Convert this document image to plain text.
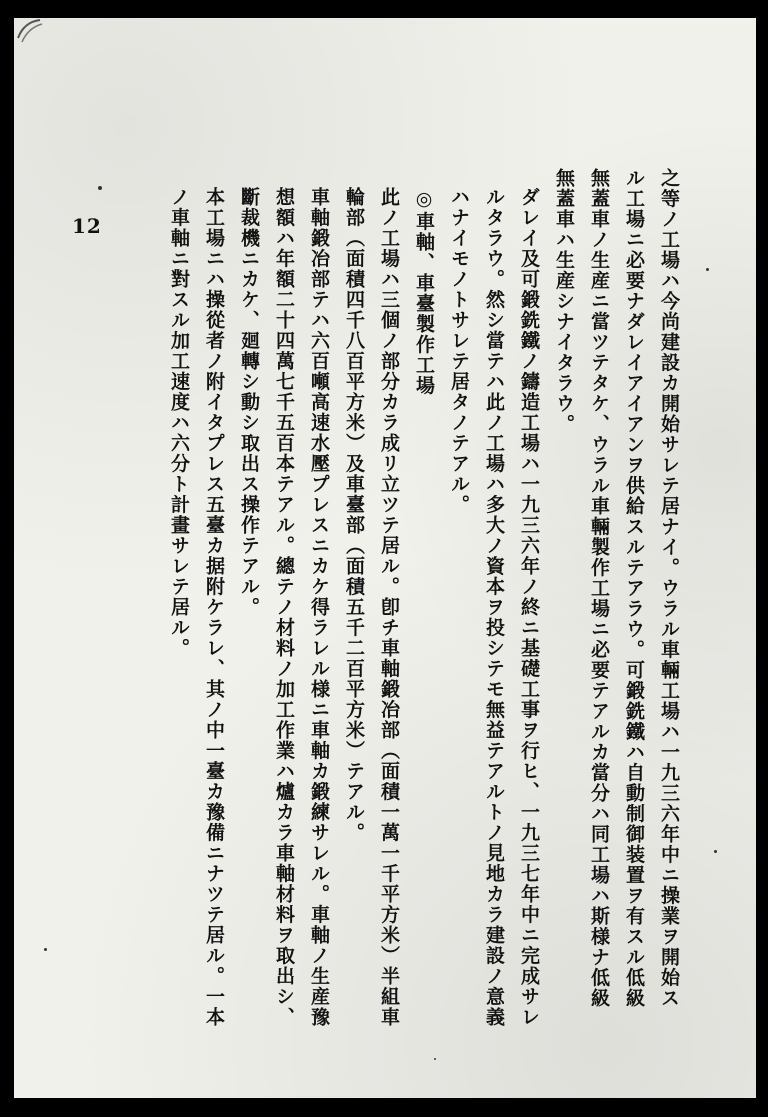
12	之等ノ工場ハ今尚建設カ開始サレテ居ナイ。ウラル車輛工場ハ一九三六年中ニ操業ヲ開始スル工場ニ必要ナダレイアイアンヲ供給スルテアラウ。可鍛銑鐵ハ自動制御装置ヲ有スル低級無蓋車ノ生産ニ當ツテタケ、ウラル車輛製作工場ニ必要テアルカ當分ハ同工場ハ斯様ナ低級無蓋車ハ生産シナイタラウ。

ダレイ及可鍛銑鐵ノ鑄造工場ハ一九三六年ノ終ニ基礎工事ヲ行ヒ、一九三七年中ニ完成サレルタラウ。然シ當テハ此ノ工場ハ多大ノ資本ヲ投シテモ無益テアルトノ見地カラ建設ノ意義ハナイモノトサレテ居タノテアル。

◎車軸、車臺製作工場

此ノ工場ハ三個ノ部分カラ成リ立ツテ居ル。卽チ車軸鍛冶部（面積一萬一千平方米）半組車輪部（面積四千八百平方米）及車臺部（面積五千二百平方米）テアル。

車軸鍛冶部テハ六百噸高速水壓プレスニカケ得ラレル様ニ車軸カ鍛練サレル。車軸ノ生産豫想額ハ年額二十四萬七千五百本テアル。總テノ材料ノ加工作業ハ爐カラ車軸材料ヲ取出シ、斷裁機ニカケ、廻轉シ動シ取出ス操作テアル。

本工場ニハ操從者ノ附イタプレス五臺カ据附ケラレ、其ノ中一臺カ豫備ニナツテ居ル。一本ノ車軸ニ對スル加工速度ハ六分ト計畫サレテ居ル。
